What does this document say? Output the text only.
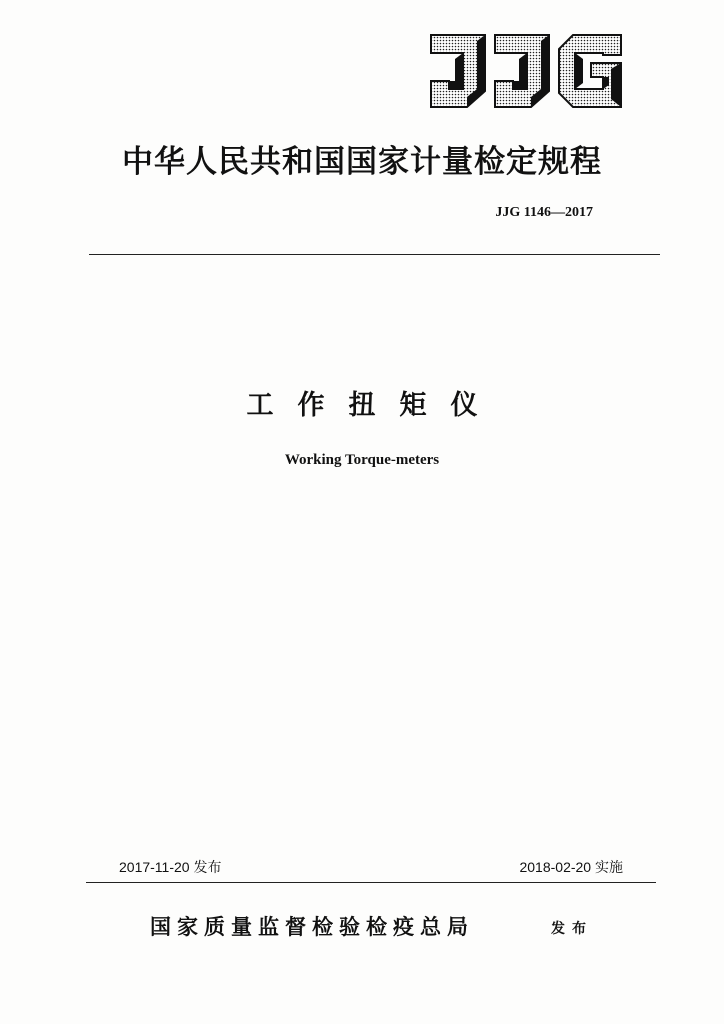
中华人民共和国国家计量检定规程
JJG 1146—2017
工作扭矩仪
Working Torque-meters
2017-11-20 发布	2018-02-20 实施
国家质量监督检验检疫总局	发布
